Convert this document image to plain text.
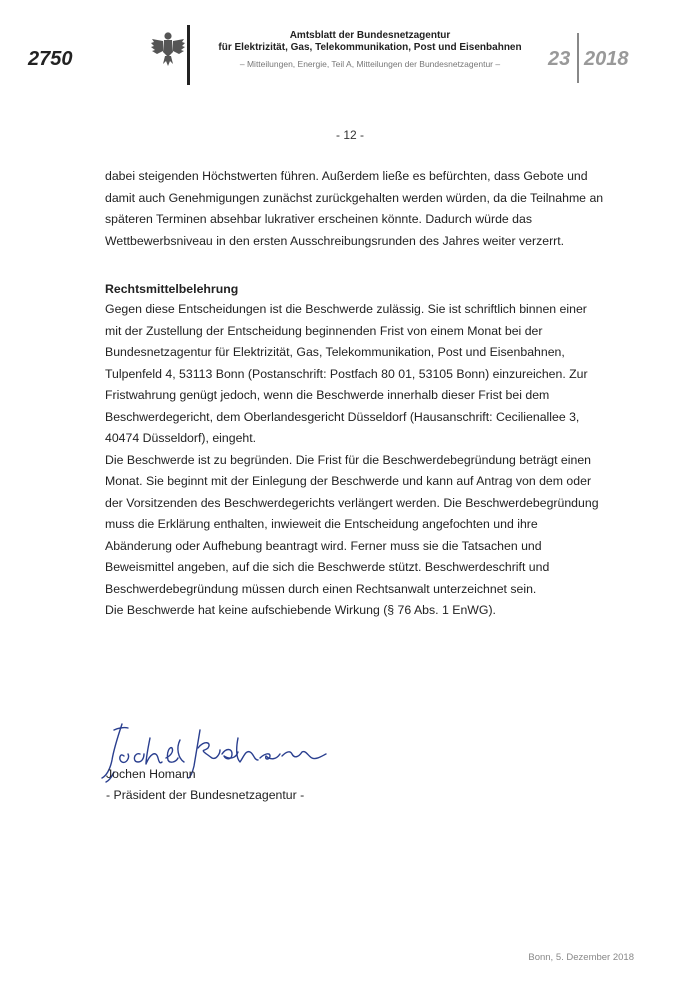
2750
Amtsblatt der Bundesnetzagentur
für Elektrizität, Gas, Telekommunikation, Post und Eisenbahnen
– Mitteilungen, Energie, Teil A, Mitteilungen der Bundesnetzagentur –	23 2018
- 12 -

dabei steigenden Höchstwerten führen. Außerdem ließe es befürchten, dass Gebote und damit auch Genehmigungen zunächst zurückgehalten werden würden, da die Teilnahme an späteren Terminen absehbar lukrativer erscheinen könnte. Dadurch würde das Wettbewerbsniveau in den ersten Ausschreibungsrunden des Jahres weiter verzerrt.

Rechtsmittelbelehrung

Gegen diese Entscheidungen ist die Beschwerde zulässig. Sie ist schriftlich binnen einer mit der Zustellung der Entscheidung beginnenden Frist von einem Monat bei der Bundesnetzagentur für Elektrizität, Gas, Telekommunikation, Post und Eisenbahnen, Tulpenfeld 4, 53113 Bonn (Postanschrift: Postfach 80 01, 53105 Bonn) einzureichen. Zur Fristwahrung genügt jedoch, wenn die Beschwerde innerhalb dieser Frist bei dem Beschwerdegericht, dem Oberlandesgericht Düsseldorf (Hausanschrift: Cecilienallee 3, 40474 Düsseldorf), eingeht.

Die Beschwerde ist zu begründen. Die Frist für die Beschwerdebegründung beträgt einen Monat. Sie beginnt mit der Einlegung der Beschwerde und kann auf Antrag von dem oder der Vorsitzenden des Beschwerdegerichts verlängert werden. Die Beschwerdebegründung muss die Erklärung enthalten, inwieweit die Entscheidung angefochten und ihre Abänderung oder Aufhebung beantragt wird. Ferner muss sie die Tatsachen und Beweismittel angeben, auf die sich die Beschwerde stützt. Beschwerdeschrift und Beschwerdebegründung müssen durch einen Rechtsanwalt unterzeichnet sein.

Die Beschwerde hat keine aufschiebende Wirkung (§ 76 Abs. 1 EnWG).

Jochen Homann
- Präsident der Bundesnetzagentur -
Bonn, 5. Dezember 2018
